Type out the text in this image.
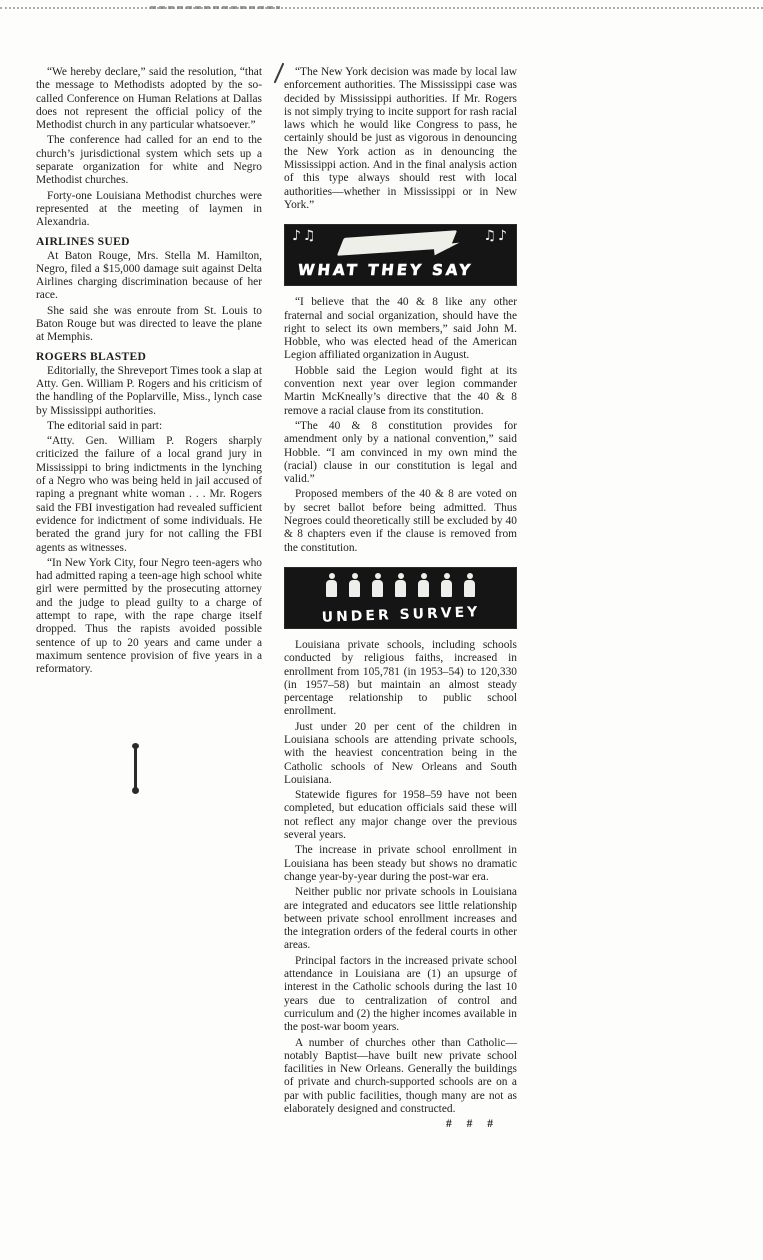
“We hereby declare,” said the resolution, “that the message to Methodists adopted by the so-called Conference on Human Relations at Dallas does not represent the official policy of the Methodist church in any particular whatsoever.”

The conference had called for an end to the church’s jurisdictional system which sets up a separate organization for white and Negro Methodist churches.

Forty-one Louisiana Methodist churches were represented at the meeting of laymen in Alexandria.

AIRLINES SUED

At Baton Rouge, Mrs. Stella M. Hamilton, Negro, filed a $15,000 damage suit against Delta Airlines charging discrimination because of her race.

She said she was enroute from St. Louis to Baton Rouge but was directed to leave the plane at Memphis.

ROGERS BLASTED

Editorially, the Shreveport Times took a slap at Atty. Gen. William P. Rogers and his criticism of the handling of the Poplarville, Miss., lynch case by Mississippi authorities.

The editorial said in part:

“Atty. Gen. William P. Rogers sharply criticized the failure of a local grand jury in Mississippi to bring indictments in the lynching of a Negro who was being held in jail accused of raping a pregnant white woman . . . Mr. Rogers said the FBI investigation had revealed sufficient evidence for indictment of some individuals. He berated the grand jury for not calling the FBI agents as witnesses.

“In New York City, four Negro teen-agers who had admitted raping a teen-age high school white girl were permitted by the prosecuting attorney and the judge to plead guilty to a charge of attempt to rape, with the rape charge itself dropped. Thus the rapists avoided possible sentence of up to 20 years and came under a maximum sentence provision of five years in a reformatory.

“The New York decision was made by local law enforcement authorities. The Mississippi case was decided by Mississippi authorities. If Mr. Rogers is not simply trying to incite support for rash racial laws which he would like Congress to pass, he certainly should be just as vigorous in denouncing the New York action as in denouncing the Mississippi action. And in the final analysis action of this type always should rest with local authorities—whether in Mississippi or in New York.”

♪♫	♫♪
WHAT THEY SAY

“I believe that the 40 & 8 like any other fraternal and social organization, should have the right to select its own members,” said John M. Hobble, who was elected head of the American Legion affiliated organization in August.

Hobble said the Legion would fight at its convention next year over legion commander Martin McKneally’s directive that the 40 & 8 remove a racial clause from its constitution.

“The 40 & 8 constitution provides for amendment only by a national convention,” said Hobble. “I am convinced in my own mind the (racial) clause in our constitution is legal and valid.”

Proposed members of the 40 & 8 are voted on by secret ballot before being admitted. Thus Negroes could theoretically still be excluded by 40 & 8 chapters even if the clause is removed from the constitution.

UNDER SURVEY

Louisiana private schools, including schools conducted by religious faiths, increased in enrollment from 105,781 (in 1953–54) to 120,330 (in 1957–58) but maintain an almost steady percentage relationship to public school enrollment.

Just under 20 per cent of the children in Louisiana schools are attending private schools, with the heaviest concentration being in the Catholic schools of New Orleans and South Louisiana.

Statewide figures for 1958–59 have not been completed, but education officials said these will not reflect any major change over the previous several years.

The increase in private school enrollment in Louisiana has been steady but shows no dramatic change year-by-year during the post-war era.

Neither public nor private schools in Louisiana are integrated and educators see little relationship between private school enrollment increases and the integration orders of the federal courts in other areas.

Principal factors in the increased private school attendance in Louisiana are (1) an upsurge of interest in the Catholic schools during the last 10 years due to centralization of control and curriculum and (2) the higher incomes available in the post-war boom years.

A number of churches other than Catholic—notably Baptist—have built new private school facilities in New Orleans. Generally the buildings of private and church-supported schools are on a par with public facilities, though many are not as elaborately designed and constructed.

# # #
